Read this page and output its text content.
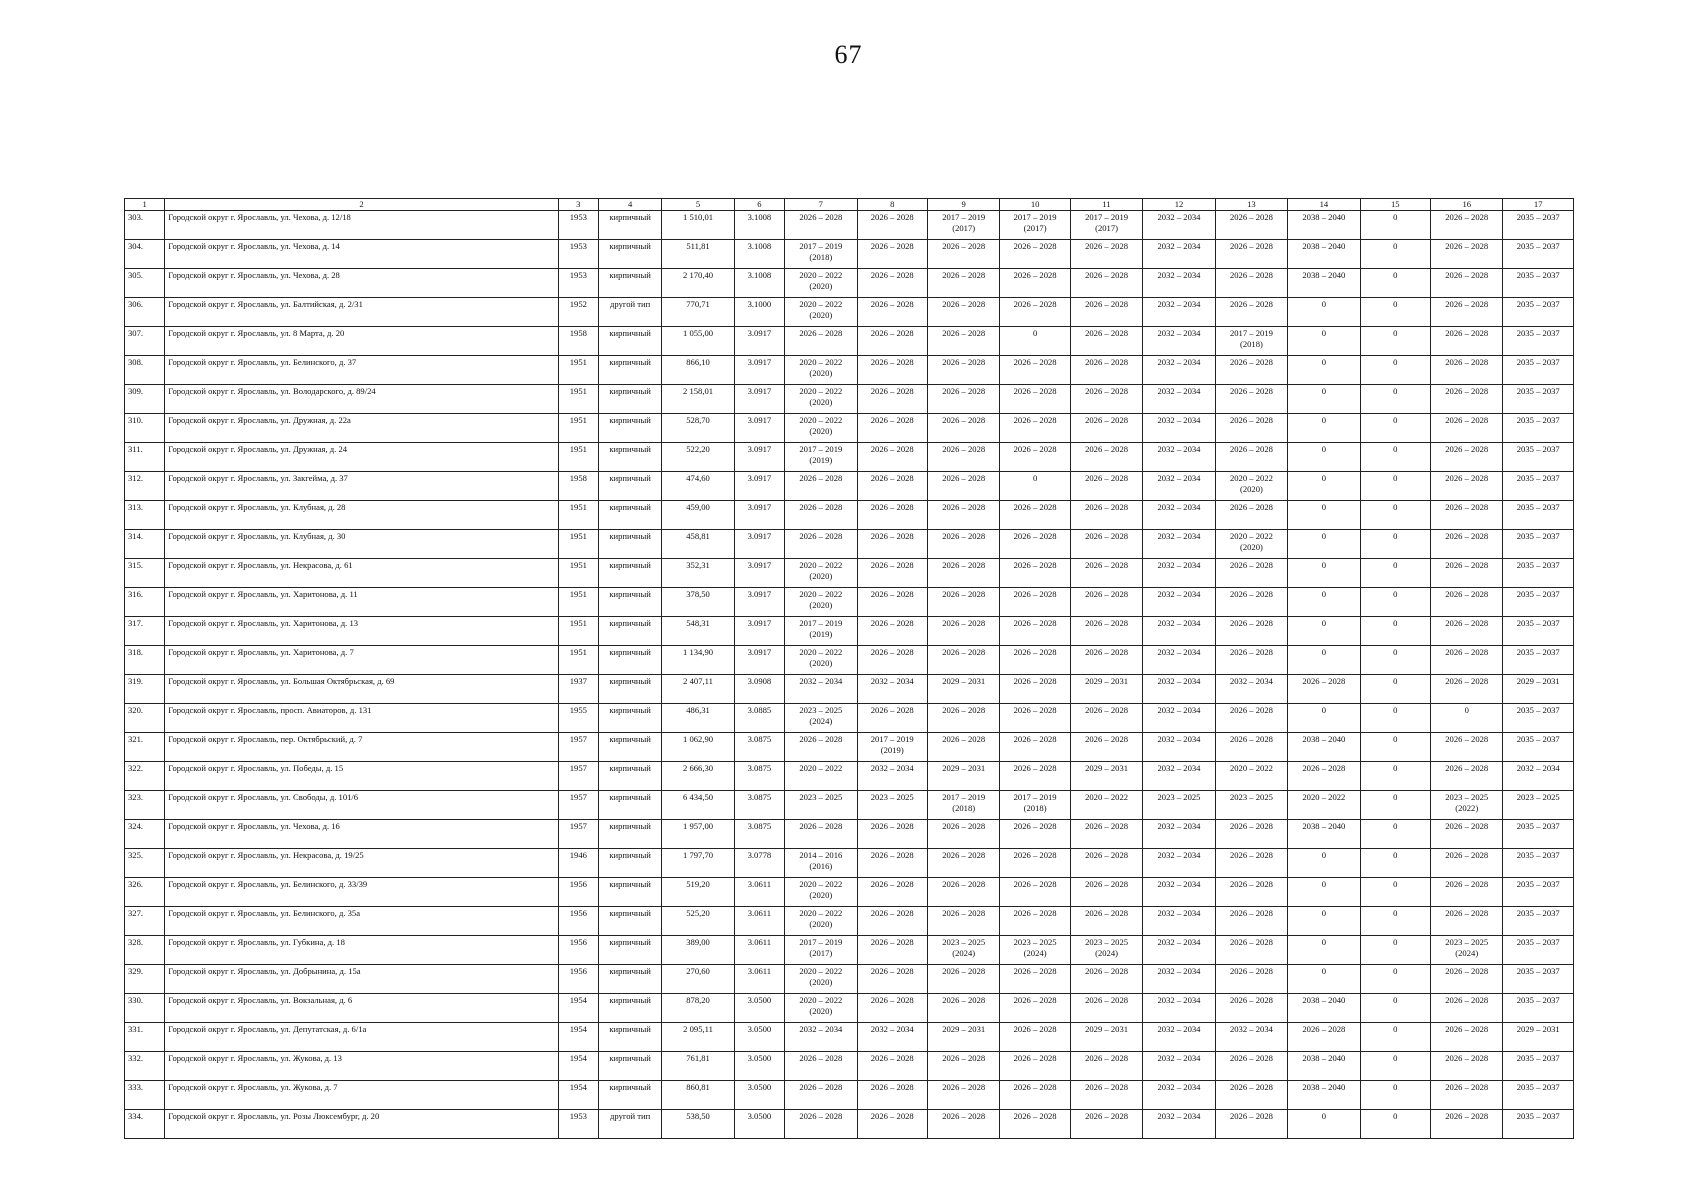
67
1	2	3	4	5	6	7	8	9	10	11	12	13	14	15	16	17
303.	Городской округ г. Ярославль, ул. Чехова, д. 12/18	1953	кирпичный	1 510,01	3.1008	2026 – 2028	2026 – 2028	2017 – 2019
(2017)	2017 – 2019
(2017)	2017 – 2019
(2017)	2032 – 2034	2026 – 2028	2038 – 2040	0	2026 – 2028	2035 – 2037
304.	Городской округ г. Ярославль, ул. Чехова, д. 14	1953	кирпичный	511,81	3.1008	2017 – 2019
(2018)	2026 – 2028	2026 – 2028	2026 – 2028	2026 – 2028	2032 – 2034	2026 – 2028	2038 – 2040	0	2026 – 2028	2035 – 2037
305.	Городской округ г. Ярославль, ул. Чехова, д. 28	1953	кирпичный	2 170,40	3.1008	2020 – 2022
(2020)	2026 – 2028	2026 – 2028	2026 – 2028	2026 – 2028	2032 – 2034	2026 – 2028	2038 – 2040	0	2026 – 2028	2035 – 2037
306.	Городской округ г. Ярославль, ул. Балтийская, д. 2/31	1952	другой тип	770,71	3.1000	2020 – 2022
(2020)	2026 – 2028	2026 – 2028	2026 – 2028	2026 – 2028	2032 – 2034	2026 – 2028	0	0	2026 – 2028	2035 – 2037
307.	Городской округ г. Ярославль, ул. 8 Марта, д. 20	1958	кирпичный	1 055,00	3.0917	2026 – 2028	2026 – 2028	2026 – 2028	0	2026 – 2028	2032 – 2034	2017 – 2019
(2018)	0	0	2026 – 2028	2035 – 2037
308.	Городской округ г. Ярославль, ул. Белинского, д. 37	1951	кирпичный	866,10	3.0917	2020 – 2022
(2020)	2026 – 2028	2026 – 2028	2026 – 2028	2026 – 2028	2032 – 2034	2026 – 2028	0	0	2026 – 2028	2035 – 2037
309.	Городской округ г. Ярославль, ул. Володарского, д. 89/24	1951	кирпичный	2 158,01	3.0917	2020 – 2022
(2020)	2026 – 2028	2026 – 2028	2026 – 2028	2026 – 2028	2032 – 2034	2026 – 2028	0	0	2026 – 2028	2035 – 2037
310.	Городской округ г. Ярославль, ул. Дружная, д. 22а	1951	кирпичный	528,70	3.0917	2020 – 2022
(2020)	2026 – 2028	2026 – 2028	2026 – 2028	2026 – 2028	2032 – 2034	2026 – 2028	0	0	2026 – 2028	2035 – 2037
311.	Городской округ г. Ярославль, ул. Дружная, д. 24	1951	кирпичный	522,20	3.0917	2017 – 2019
(2019)	2026 – 2028	2026 – 2028	2026 – 2028	2026 – 2028	2032 – 2034	2026 – 2028	0	0	2026 – 2028	2035 – 2037
312.	Городской округ г. Ярославль, ул. Закгейма, д. 37	1958	кирпичный	474,60	3.0917	2026 – 2028	2026 – 2028	2026 – 2028	0	2026 – 2028	2032 – 2034	2020 – 2022
(2020)	0	0	2026 – 2028	2035 – 2037
313.	Городской округ г. Ярославль, ул. Клубная, д. 28	1951	кирпичный	459,00	3.0917	2026 – 2028	2026 – 2028	2026 – 2028	2026 – 2028	2026 – 2028	2032 – 2034	2026 – 2028	0	0	2026 – 2028	2035 – 2037
314.	Городской округ г. Ярославль, ул. Клубная, д. 30	1951	кирпичный	458,81	3.0917	2026 – 2028	2026 – 2028	2026 – 2028	2026 – 2028	2026 – 2028	2032 – 2034	2020 – 2022
(2020)	0	0	2026 – 2028	2035 – 2037
315.	Городской округ г. Ярославль, ул. Некрасова, д. 61	1951	кирпичный	352,31	3.0917	2020 – 2022
(2020)	2026 – 2028	2026 – 2028	2026 – 2028	2026 – 2028	2032 – 2034	2026 – 2028	0	0	2026 – 2028	2035 – 2037
316.	Городской округ г. Ярославль, ул. Харитонова, д. 11	1951	кирпичный	378,50	3.0917	2020 – 2022
(2020)	2026 – 2028	2026 – 2028	2026 – 2028	2026 – 2028	2032 – 2034	2026 – 2028	0	0	2026 – 2028	2035 – 2037
317.	Городской округ г. Ярославль, ул. Харитонова, д. 13	1951	кирпичный	548,31	3.0917	2017 – 2019
(2019)	2026 – 2028	2026 – 2028	2026 – 2028	2026 – 2028	2032 – 2034	2026 – 2028	0	0	2026 – 2028	2035 – 2037
318.	Городской округ г. Ярославль, ул. Харитонова, д. 7	1951	кирпичный	1 134,90	3.0917	2020 – 2022
(2020)	2026 – 2028	2026 – 2028	2026 – 2028	2026 – 2028	2032 – 2034	2026 – 2028	0	0	2026 – 2028	2035 – 2037
319.	Городской округ г. Ярославль, ул. Большая Октябрьская, д. 69	1937	кирпичный	2 407,11	3.0908	2032 – 2034	2032 – 2034	2029 – 2031	2026 – 2028	2029 – 2031	2032 – 2034	2032 – 2034	2026 – 2028	0	2026 – 2028	2029 – 2031
320.	Городской округ г. Ярославль, просп. Авиаторов, д. 131	1955	кирпичный	486,31	3.0885	2023 – 2025
(2024)	2026 – 2028	2026 – 2028	2026 – 2028	2026 – 2028	2032 – 2034	2026 – 2028	0	0	0	2035 – 2037
321.	Городской округ г. Ярославль, пер. Октябрьский, д. 7	1957	кирпичный	1 062,90	3.0875	2026 – 2028	2017 – 2019
(2019)	2026 – 2028	2026 – 2028	2026 – 2028	2032 – 2034	2026 – 2028	2038 – 2040	0	2026 – 2028	2035 – 2037
322.	Городской округ г. Ярославль, ул. Победы, д. 15	1957	кирпичный	2 666,30	3.0875	2020 – 2022	2032 – 2034	2029 – 2031	2026 – 2028	2029 – 2031	2032 – 2034	2020 – 2022	2026 – 2028	0	2026 – 2028	2032 – 2034
323.	Городской округ г. Ярославль, ул. Свободы, д. 101/6	1957	кирпичный	6 434,50	3.0875	2023 – 2025	2023 – 2025	2017 – 2019
(2018)	2017 – 2019
(2018)	2020 – 2022	2023 – 2025	2023 – 2025	2020 – 2022	0	2023 – 2025
(2022)	2023 – 2025
324.	Городской округ г. Ярославль, ул. Чехова, д. 16	1957	кирпичный	1 957,00	3.0875	2026 – 2028	2026 – 2028	2026 – 2028	2026 – 2028	2026 – 2028	2032 – 2034	2026 – 2028	2038 – 2040	0	2026 – 2028	2035 – 2037
325.	Городской округ г. Ярославль, ул. Некрасова, д. 19/25	1946	кирпичный	1 797,70	3.0778	2014 – 2016
(2016)	2026 – 2028	2026 – 2028	2026 – 2028	2026 – 2028	2032 – 2034	2026 – 2028	0	0	2026 – 2028	2035 – 2037
326.	Городской округ г. Ярославль, ул. Белинского, д. 33/39	1956	кирпичный	519,20	3.0611	2020 – 2022
(2020)	2026 – 2028	2026 – 2028	2026 – 2028	2026 – 2028	2032 – 2034	2026 – 2028	0	0	2026 – 2028	2035 – 2037
327.	Городской округ г. Ярославль, ул. Белинского, д. 35а	1956	кирпичный	525,20	3.0611	2020 – 2022
(2020)	2026 – 2028	2026 – 2028	2026 – 2028	2026 – 2028	2032 – 2034	2026 – 2028	0	0	2026 – 2028	2035 – 2037
328.	Городской округ г. Ярославль, ул. Губкина, д. 18	1956	кирпичный	389,00	3.0611	2017 – 2019
(2017)	2026 – 2028	2023 – 2025
(2024)	2023 – 2025
(2024)	2023 – 2025
(2024)	2032 – 2034	2026 – 2028	0	0	2023 – 2025
(2024)	2035 – 2037
329.	Городской округ г. Ярославль, ул. Добрынина, д. 15а	1956	кирпичный	270,60	3.0611	2020 – 2022
(2020)	2026 – 2028	2026 – 2028	2026 – 2028	2026 – 2028	2032 – 2034	2026 – 2028	0	0	2026 – 2028	2035 – 2037
330.	Городской округ г. Ярославль, ул. Вокзальная, д. 6	1954	кирпичный	878,20	3.0500	2020 – 2022
(2020)	2026 – 2028	2026 – 2028	2026 – 2028	2026 – 2028	2032 – 2034	2026 – 2028	2038 – 2040	0	2026 – 2028	2035 – 2037
331.	Городской округ г. Ярославль, ул. Депутатская, д. 6/1а	1954	кирпичный	2 095,11	3.0500	2032 – 2034	2032 – 2034	2029 – 2031	2026 – 2028	2029 – 2031	2032 – 2034	2032 – 2034	2026 – 2028	0	2026 – 2028	2029 – 2031
332.	Городской округ г. Ярославль, ул. Жукова, д. 13	1954	кирпичный	761,81	3.0500	2026 – 2028	2026 – 2028	2026 – 2028	2026 – 2028	2026 – 2028	2032 – 2034	2026 – 2028	2038 – 2040	0	2026 – 2028	2035 – 2037
333.	Городской округ г. Ярославль, ул. Жукова, д. 7	1954	кирпичный	860,81	3.0500	2026 – 2028	2026 – 2028	2026 – 2028	2026 – 2028	2026 – 2028	2032 – 2034	2026 – 2028	2038 – 2040	0	2026 – 2028	2035 – 2037
334.	Городской округ г. Ярославль, ул. Розы Люксембург, д. 20	1953	другой тип	538,50	3.0500	2026 – 2028	2026 – 2028	2026 – 2028	2026 – 2028	2026 – 2028	2032 – 2034	2026 – 2028	0	0	2026 – 2028	2035 – 2037
